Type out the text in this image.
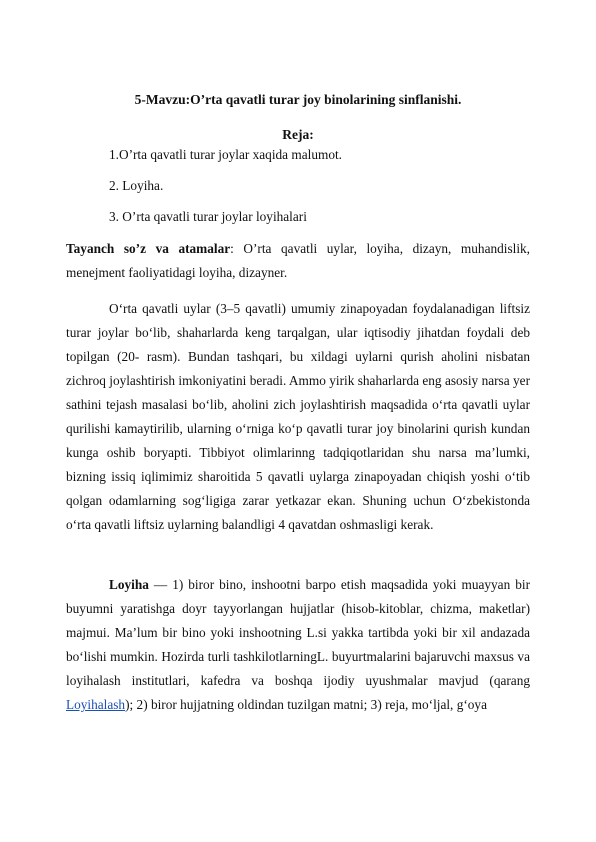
5-Mavzu:O’rta qavatli turar joy binolarining sinflanishi.
Reja:
1.O’rta qavatli turar joylar xaqida malumot.
2. Loyiha.
3. O’rta qavatli turar joylar loyihalari
Tayanch so’z va atamalar: O’rta qavatli uylar, loyiha, dizayn, muhandislik, menejment faoliyatidagi loyiha, dizayner.
O‘rta qavatli uylar (3–5 qavatli) umumiy zinapoyadan foydalanadigan liftsiz turar joylar bo‘lib, shaharlarda keng tarqalgan, ular iqtisodiy jihatdan foydali deb topilgan (20- rasm). Bundan tashqari, bu xildagi uylarni qurish aholini nisbatan zichroq joylashtirish imkoniyatini beradi. Ammo yirik shaharlarda eng asosiy narsa yer sathini tejash masalasi bo‘lib, aholini zich joylashtirish maqsadida o‘rta qavatli uylar qurilishi kamaytirilib, ularning o‘rniga ko‘p qavatli turar joy binolarini qurish kundan kunga oshib boryapti. Tibbiyot olimlarinng tadqiqotlaridan shu narsa ma’lumki, bizning issiq iqlimimiz sharoitida 5 qavatli uylarga zinapoyadan chiqish yoshi o‘tib qolgan odamlarning sog‘ligiga zarar yetkazar ekan. Shuning uchun O‘zbekistonda o‘rta qavatli liftsiz uylarning balandligi 4 qavatdan oshmasligi kerak.
Loyiha — 1) biror bino, inshootni barpo etish maqsadida yoki muayyan bir buyumni yaratishga doyr tayyorlangan hujjatlar (hisob-kitoblar, chizma, maketlar) majmui. Ma’lum bir bino yoki inshootning L.si yakka tartibda yoki bir xil andazada bo‘lishi mumkin. Hozirda turli tashkilotlarningL. buyurtmalarini bajaruvchi maxsus va loyihalash institutlari, kafedra va boshqa ijodiy uyushmalar mavjud (qarang Loyihalash); 2) biror hujjatning oldindan tuzilgan matni; 3) reja, mo‘ljal, g‘oya
